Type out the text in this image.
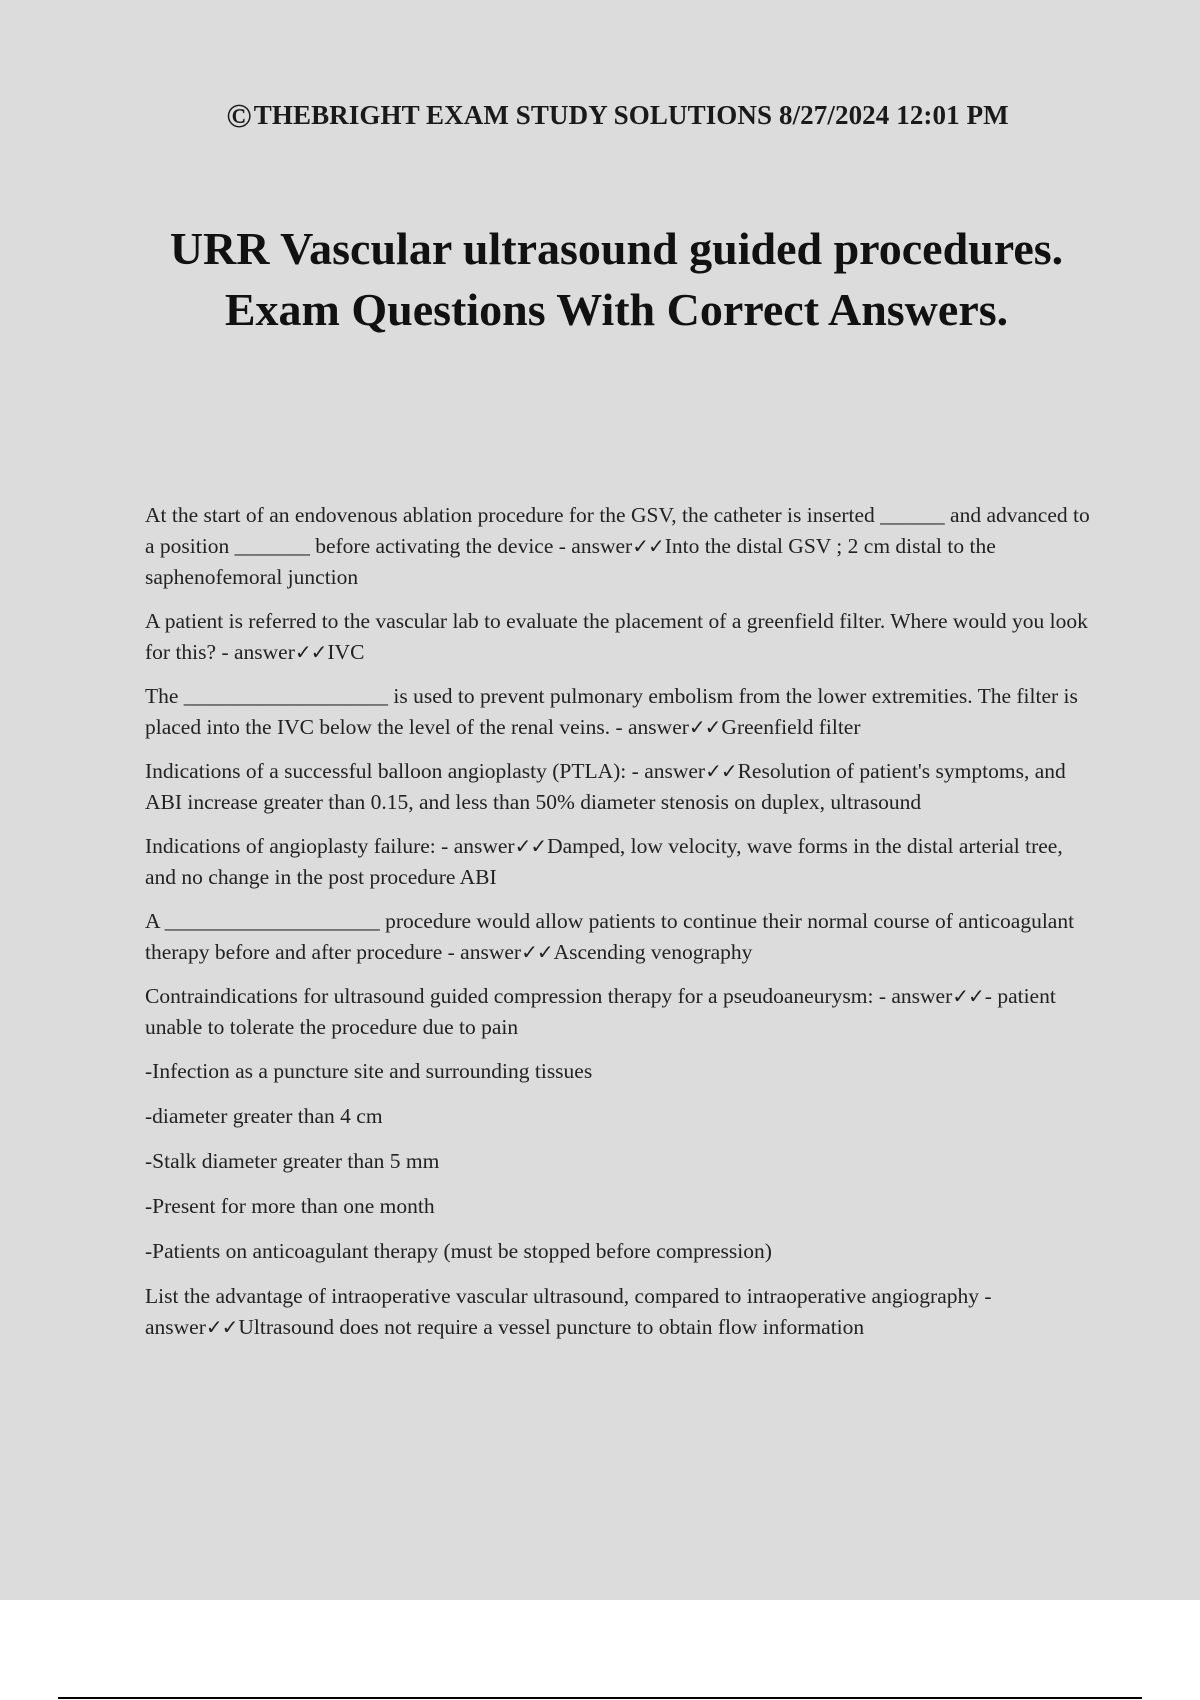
©THEBRIGHT EXAM STUDY SOLUTIONS 8/27/2024 12:01 PM
URR Vascular ultrasound guided procedures. Exam Questions With Correct Answers.

At the start of an endovenous ablation procedure for the GSV, the catheter is inserted ______ and advanced to a position _______ before activating the device - answer✓✓Into the distal GSV ; 2 cm distal to the saphenofemoral junction

A patient is referred to the vascular lab to evaluate the placement of a greenfield filter. Where would you look for this? - answer✓✓IVC

The ___________________ is used to prevent pulmonary embolism from the lower extremities. The filter is placed into the IVC below the level of the renal veins. - answer✓✓Greenfield filter

Indications of a successful balloon angioplasty (PTLA): - answer✓✓Resolution of patient's symptoms, and ABI increase greater than 0.15, and less than 50% diameter stenosis on duplex, ultrasound

Indications of angioplasty failure: - answer✓✓Damped, low velocity, wave forms in the distal arterial tree, and no change in the post procedure ABI

A ____________________ procedure would allow patients to continue their normal course of anticoagulant therapy before and after procedure - answer✓✓Ascending venography

Contraindications for ultrasound guided compression therapy for a pseudoaneurysm: - answer✓✓- patient unable to tolerate the procedure due to pain

-Infection as a puncture site and surrounding tissues

-diameter greater than 4 cm

-Stalk diameter greater than 5 mm

-Present for more than one month

-Patients on anticoagulant therapy (must be stopped before compression)

List the advantage of intraoperative vascular ultrasound, compared to intraoperative angiography - answer✓✓Ultrasound does not require a vessel puncture to obtain flow information
